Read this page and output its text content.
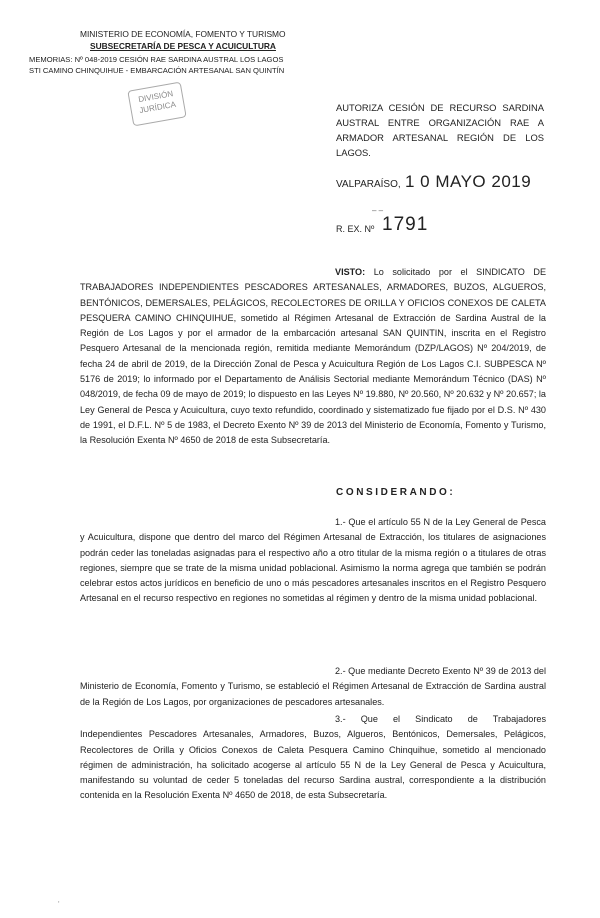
MINISTERIO DE ECONOMÍA, FOMENTO Y TURISMO
SUBSECRETARÍA DE PESCA Y ACUICULTURA
MEMORIAS: Nº 048-2019 CESIÓN RAE SARDINA AUSTRAL LOS LAGOS
STI CAMINO CHINQUIHUE - EMBARCACIÓN ARTESANAL SAN QUINTÍN
DIVISIÓN
JURÍDICA	AUTORIZA CESIÓN DE RECURSO SARDINA AUSTRAL ENTRE ORGANIZACIÓN RAE A ARMADOR ARTESANAL REGIÓN DE LOS LAGOS.
VALPARAÍSO, 1 0 MAYO 2019
– –
R. EX. Nº 1791
VISTO: Lo solicitado por el SINDICATO DE TRABAJADORES INDEPENDIENTES PESCADORES ARTESANALES, ARMADORES, BUZOS, ALGUEROS, BENTÓNICOS, DEMERSALES, PELÁGICOS, RECOLECTORES DE ORILLA Y OFICIOS CONEXOS DE CALETA PESQUERA CAMINO CHINQUIHUE, sometido al Régimen Artesanal de Extracción de Sardina Austral de la Región de Los Lagos y por el armador de la embarcación artesanal SAN QUINTIN, inscrita en el Registro Pesquero Artesanal de la mencionada región, remitida mediante Memorándum (DZP/LAGOS) Nº 204/2019, de fecha 24 de abril de 2019, de la Dirección Zonal de Pesca y Acuicultura Región de Los Lagos C.I. SUBPESCA Nº 5176 de 2019; lo informado por el Departamento de Análisis Sectorial mediante Memorándum Técnico (DAS) Nº 048/2019, de fecha 09 de mayo de 2019; lo dispuesto en las Leyes Nº 19.880, Nº 20.560, Nº 20.632 y Nº 20.657; la Ley General de Pesca y Acuicultura, cuyo texto refundido, coordinado y sistematizado fue fijado por el D.S. Nº 430 de 1991, el D.F.L. Nº 5 de 1983, el Decreto Exento Nº 39 de 2013 del Ministerio de Economía, Fomento y Turismo, la Resolución Exenta Nº 4650 de 2018 de esta Subsecretaría.
CONSIDERANDO:
1.- Que el artículo 55 N de la Ley General de Pesca y Acuicultura, dispone que dentro del marco del Régimen Artesanal de Extracción, los titulares de asignaciones podrán ceder las toneladas asignadas para el respectivo año a otro titular de la misma región o a titulares de otras regiones, siempre que se trate de la misma unidad poblacional. Asimismo la norma agrega que también se podrán celebrar estos actos jurídicos en beneficio de uno o más pescadores artesanales inscritos en el Registro Pesquero Artesanal en el recurso respectivo en regiones no sometidas al régimen y dentro de la misma unidad poblacional.
2.- Que mediante Decreto Exento Nº 39 de 2013 del Ministerio de Economía, Fomento y Turismo, se estableció el Régimen Artesanal de Extracción de Sardina austral de la Región de Los Lagos, por organizaciones de pescadores artesanales.
3.- Que el Sindicato de Trabajadores Independientes Pescadores Artesanales, Armadores, Buzos, Algueros, Bentónicos, Demersales, Pelágicos, Recolectores de Orilla y Oficios Conexos de Caleta Pesquera Camino Chinquihue, sometido al mencionado régimen de administración, ha solicitado acogerse al artículo 55 N de la Ley General de Pesca y Acuicultura, manifestando su voluntad de ceder 5 toneladas del recurso Sardina austral, correspondiente a la distribución contenida en la Resolución Exenta Nº 4650 de 2018, de esta Subsecretaría.
'
